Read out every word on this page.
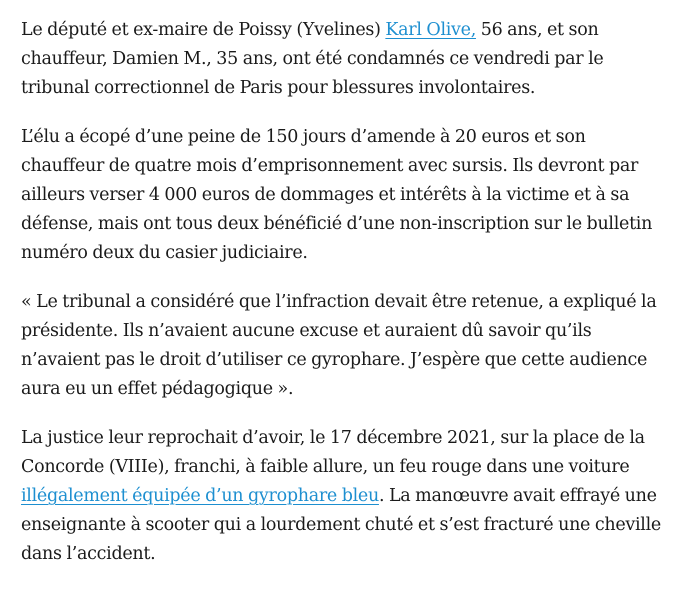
Le député et ex-maire de Poissy (Yvelines) Karl Olive, 56 ans, et son chauffeur, Damien M., 35 ans, ont été condamnés ce vendredi par le tribunal correctionnel de Paris pour blessures involontaires.

L’élu a écopé d’une peine de 150 jours d’amende à 20 euros et son chauffeur de quatre mois d’emprisonnement avec sursis. Ils devront par ailleurs verser 4 000 euros de dommages et intérêts à la victime et à sa défense, mais ont tous deux bénéficié d’une non-inscription sur le bulletin numéro deux du casier judiciaire.

« Le tribunal a considéré que l’infraction devait être retenue, a expliqué la présidente. Ils n’avaient aucune excuse et auraient dû savoir qu’ils n’avaient pas le droit d’utiliser ce gyrophare. J’espère que cette audience aura eu un effet pédagogique ».

La justice leur reprochait d’avoir, le 17 décembre 2021, sur la place de la Concorde (VIIIe), franchi, à faible allure, un feu rouge dans une voiture illégalement équipée d’un gyrophare bleu. La manœuvre avait effrayé une enseignante à scooter qui a lourdement chuté et s’est fracturé une cheville dans l’accident.
